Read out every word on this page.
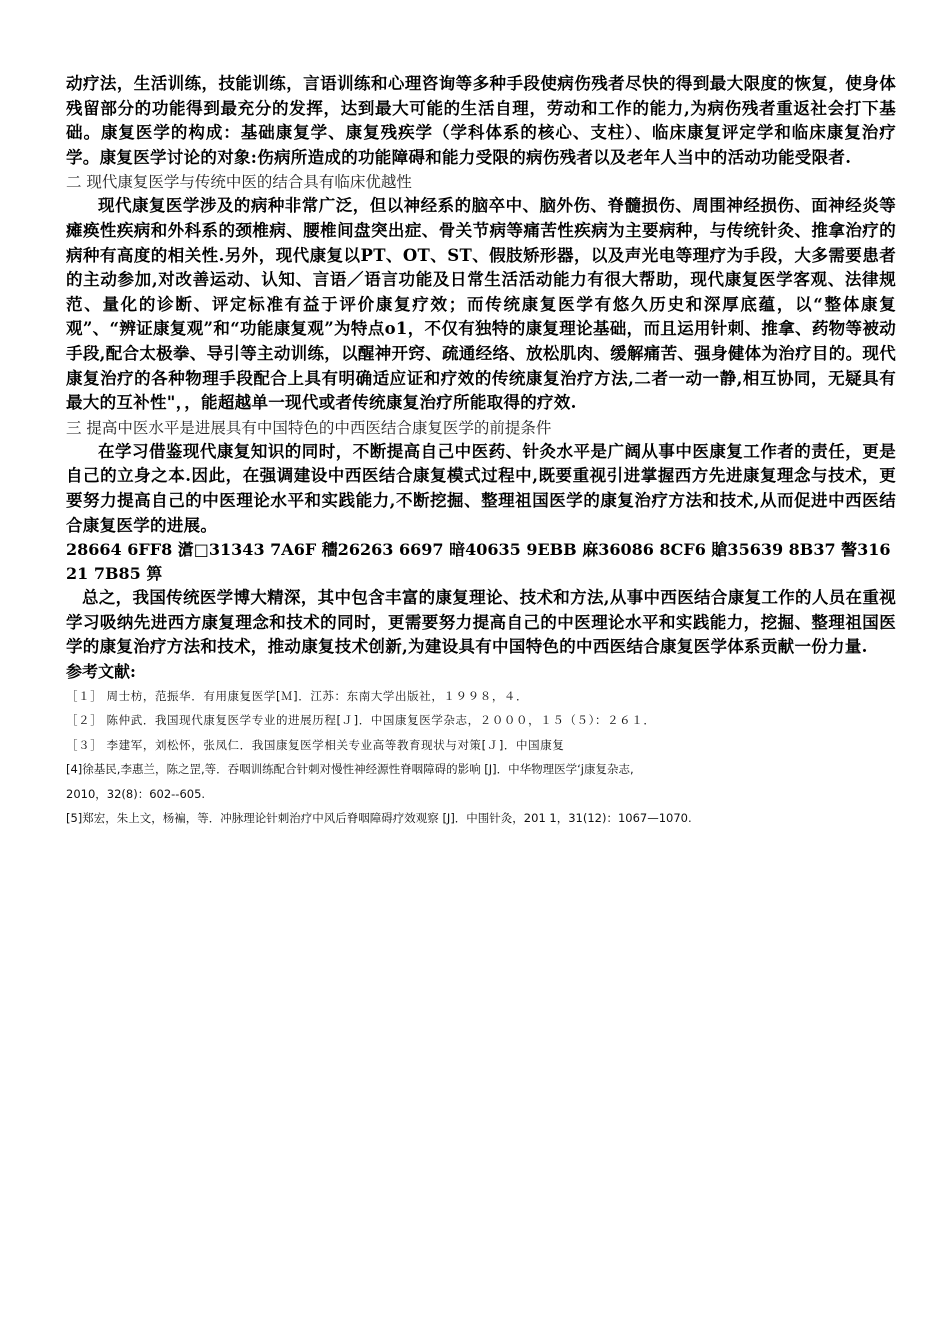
动疗法，生活训练，技能训练，言语训练和心理咨询等多种手段使病伤残者尽快的得到最大限度的恢复，使身体残留部分的功能得到最充分的发挥，达到最大可能的生活自理，劳动和工作的能力,为病伤残者重返社会打下基础。康复医学的构成：基础康复学、康复残疾学（学科体系的核心、支柱）、临床康复评定学和临床康复治疗学。康复医学讨论的对象:伤病所造成的功能障碍和能力受限的病伤残者以及老年人当中的活动功能受限者.

二 现代康复医学与传统中医的结合具有临床优越性

现代康复医学涉及的病种非常广泛，但以神经系的脑卒中、脑外伤、脊髓损伤、周围神经损伤、面神经炎等瘫痪性疾病和外科系的颈椎病、腰椎间盘突出症、骨关节病等痛苦性疾病为主要病种，与传统针灸、推拿治疗的病种有高度的相关性.另外，现代康复以PT、OT、ST、假肢矫形器，以及声光电等理疗为手段，大多需要患者的主动参加,对改善运动、认知、言语／语言功能及日常生活活动能力有很大帮助，现代康复医学客观、法律规范、量化的诊断、评定标准有益于评价康复疗效；而传统康复医学有悠久历史和深厚底蕴，以“整体康复观”、“辨证康复观”和“功能康复观”为特点o1，不仅有独特的康复理论基础，而且运用针刺、推拿、药物等被动手段,配合太极拳、导引等主动训练，以醒神开窍、疏通经络、放松肌肉、缓解痛苦、强身健体为治疗目的。现代康复治疗的各种物理手段配合上具有明确适应证和疗效的传统康复治疗方法,二者一动一静,相互协同，无疑具有最大的互补性"，，能超越单一现代或者传统康复治疗所能取得的疗效.

三 提高中医水平是进展具有中国特色的中西医结合康复医学的前提条件

在学习借鉴现代康复知识的同时，不断提高自己中医药、针灸水平是广阔从事中医康复工作者的责任，更是自己的立身之本.因此，在强调建设中西医结合康复模式过程中,既要重视引进掌握西方先进康复理念与技术，更要努力提高自己的中医理论水平和实践能力,不断挖掘、整理祖国医学的康复治疗方法和技术,从而促进中西医结合康复医学的进展。

28664 6FF8 濸□31343 7A6F 穯26263 6697 暗40635 9EBB 麻36086 8CF6 賶35639 8B37 謷31621 7B85 箅

总之，我国传统医学博大精深，其中包含丰富的康复理论、技术和方法,从事中西医结合康复工作的人员在重视学习吸纳先进西方康复理念和技术的同时，更需要努力提高自己的中医理论水平和实践能力，挖掘、整理祖国医学的康复治疗方法和技术，推动康复技术创新,为建设具有中国特色的中西医结合康复医学体系贡献一份力量.

参考文献:

［１］ 周士枋，范振华．有用康复医学[Ｍ]．江苏：东南大学出版社，１９９８，４．

［２］ 陈仲武．我国现代康复医学专业的进展历程[Ｊ]．中国康复医学杂志，２０００，１５（５）：２６１．

［３］ 李建军，刘松怀，张凤仁．我国康复医学相关专业高等教育现状与对策[Ｊ]．中国康复

[4]徐基民,李惠兰，陈之罡,等．吞咽训练配合针刺对慢性神经源性脊咽障碍的影响 [J]．中华物理医学‘j康复杂志,

2010，32(8)：602--605.

[5]郑宏，朱上文，杨褊，等．冲脉理论针刺治疗中风后脊咽障碍疗效观察 [J]．中围针灸，201 1，31(12)：1067—1070.
